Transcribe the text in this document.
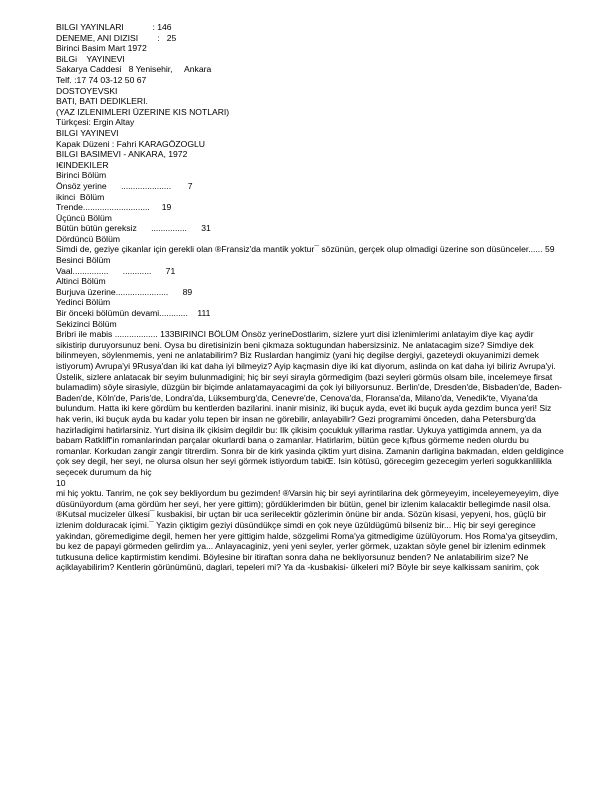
BILGI YAYINLARI            : 146
DENEME, ANI DIZISI        :   25
Birinci Basim Mart 1972
BiLGi    YAYINEVI
Sakarya Caddesi   8 Yenisehir,     Ankara
Telf. :17 74 03-12 50 67
DOSTOYEVSKI
BATI, BATI DEDIKLERI.
(YAZ IZLENIMLERI ÜZERINE KIS NOTLARI)
Türkçesi: Ergin Altay
BILGI YAYINEVI
Kapak Düzeni : Fahri KARAGÖZOGLU
BILGI BASIMEVI - ANKARA, 1972
I€INDEKILER
Birinci Bölüm
Önsöz yerine      .....................       7
ikinci  Bölüm
Trende............................     19
Üçüncü Bölüm
Bütün bütün gereksiz      ...............      31
Dördüncü Bölüm
Simdi de, geziye çikanlar için gerekli olan ®Fransiz'da mantik yoktur¯ sözünün, gerçek olup olmadigi üzerine son düsünceler...... 59
Besinci Bölüm
Vaal...............      ............      71
Altinci Bölüm
Burjuva üzerine......................      89
Yedinci Bölüm
Bir önceki bölümün devami............    111
Sekizinci Bölüm
Bribri ile mabis .................. 133BIRINCI BÖLÜM Önsöz yerineDostlarim, sizlere yurt disi izlenimlerimi anlatayim diye kaç aydir sikistirip duruyorsunuz beni. Oysa bu diretisinizin beni çikmaza soktugundan habersizsiniz. Ne anlatacagim size? Simdiye dek bilinmeyen, söylenmemis, yeni ne anlatabilirim? Biz Ruslardan hangimiz (yani hiç degilse dergiyi, gazeteydi okuyanimizi demek istiyorum) Avrupa'yi 9Rusya'dan iki kat daha iyi bilmeyiz? Ayip kaçmasin diye iki kat diyorum, aslinda on kat daha iyi biliriz Avrupa'yi. Üstelik, sizlere anlatacak bir seyim bulunmadigini; hiç bir seyi sirayla görmedigim (bazi seyleri görmüs olsam bile, incelemeye firsat bulamadim) söyle sirasiyle, düzgün bir biçimde anlatamayacagimi da çok iyi biliyorsunuz. Berlin'de, Dresden'de, Bisbaden'de, Baden-Baden'de, Köln'de, Paris'de, Londra'da, Lüksemburg'da, Cenevre'de, Cenova'da, Floransa'da, Milano'da, Venedik'te, Viyana'da bulundum. Hatta iki kere gördüm bu kentlerden bazilarini. inanir misiniz, iki buçuk ayda, evet iki buçuk ayda gezdim bunca yeri! Siz hak verin, iki buçuk ayda bu kadar yolu tepen bir insan ne görebilir, anlayabilir? Gezi programimi önceden, daha Petersburg'da hazirladigimi hatirlarsiniz. Yurt disina ilk çikisim degildir bu: Ilk çikisim çocukluk yillarima rastlar. Uykuya yattigimda annem, ya da babam Ratkliff'in romanlarindan parçalar okurlardi bana o zamanlar. Hatirlarim, bütün gece k¡fbus görmeme neden olurdu bu romanlar. Korkudan zangir zangir titrerdim. Sonra bir de kirk yasinda çiktim yurt disina. Zamanin darligina bakmadan, elden geldigince çok sey degil, her seyi, ne olursa olsun her seyi görmek istiyordum tabiŒ. Isin kötüsü, görecegim gezecegim yerleri sogukkanlilikla seçecek durumum da hiç
10
mi hiç yoktu. Tanrim, ne çok sey bekliyordum bu gezimden! ®Varsin hiç bir seyi ayrintilarina dek görmeyeyim, inceleyemeyeyim, diye düsünüyordum (ama gördüm her seyi, her yere gittim); gördüklerimden bir bütün, genel bir izlenim kalacaktir bellegimde nasil olsa. ®Kutsal mucizeler ülkesi¯ kusbakisi, bir uçtan bir uca serilecektir gözlerimin önüne bir anda. Sözün kisasi, yepyeni, hos, güçlü bir izlenim dolduracak içimi.¯ Yazin çiktigim geziyi düsündükçe simdi en çok neye üzüldügümü bilseniz bir... Hiç bir seyi geregince yakindan, göremedigime degil, hemen her yere gittigim halde, sözgelimi Roma'ya gitmedigime üzülüyorum. Hos Roma'ya gitseydim, bu kez de papayi görmeden gelirdim ya... Anlayacaginiz, yeni yeni seyler, yerler görmek, uzaktan söyle genel bir izlenim edinmek tutkusuna delice kaptirmistim kendimi. Böylesine bir itiraftan sonra daha ne bekliyorsunuz benden? Ne anlatabilirim size? Ne açiklayabilirim? Kentlerin görünümünü, daglari, tepeleri mi? Ya da -kusbakisi- ülkeleri mi? Böyle bir seye kalkissam sanirim, çok
